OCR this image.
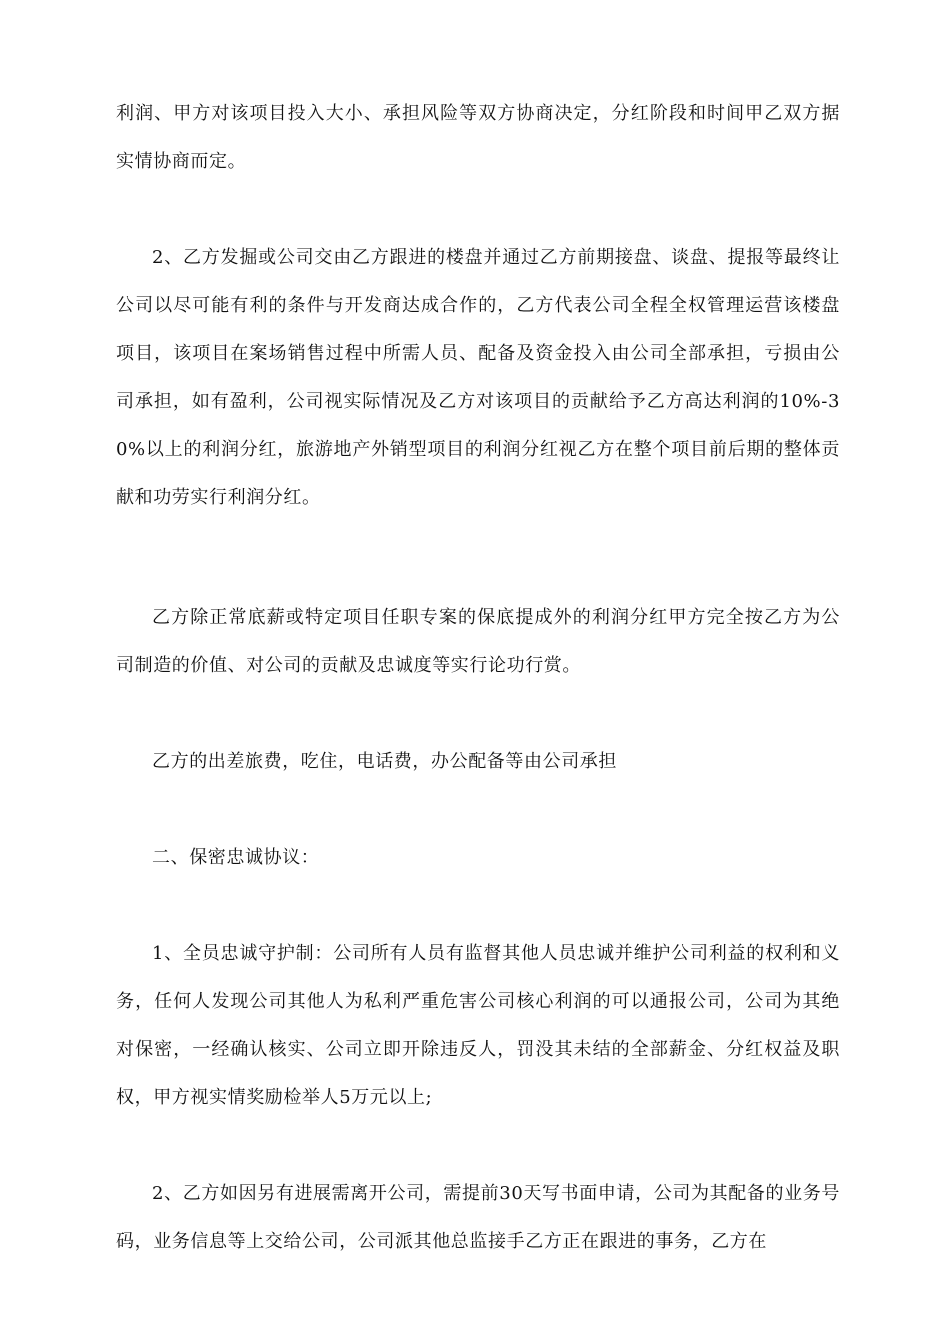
利润、甲方对该项目投入大小、承担风险等双方协商决定，分红阶段和时间甲乙双方据实情协商而定。

2、乙方发掘或公司交由乙方跟进的楼盘并通过乙方前期接盘、谈盘、提报等最终让公司以尽可能有利的条件与开发商达成合作的，乙方代表公司全程全权管理运营该楼盘项目，该项目在案场销售过程中所需人员、配备及资金投入由公司全部承担，亏损由公司承担，如有盈利，公司视实际情况及乙方对该项目的贡献给予乙方高达利润的10%-30%以上的利润分红，旅游地产外销型项目的利润分红视乙方在整个项目前后期的整体贡献和功劳实行利润分红。

乙方除正常底薪或特定项目任职专案的保底提成外的利润分红甲方完全按乙方为公司制造的价值、对公司的贡献及忠诚度等实行论功行赏。

乙方的出差旅费，吃住，电话费，办公配备等由公司承担

二、保密忠诚协议：

1、全员忠诚守护制：公司所有人员有监督其他人员忠诚并维护公司利益的权利和义务，任何人发现公司其他人为私利严重危害公司核心利润的可以通报公司，公司为其绝对保密，一经确认核实、公司立即开除违反人，罚没其未结的全部薪金、分红权益及职权，甲方视实情奖励检举人5万元以上;

2、乙方如因另有进展需离开公司，需提前30天写书面申请，公司为其配备的业务号码，业务信息等上交给公司，公司派其他总监接手乙方正在跟进的事务，乙方在
